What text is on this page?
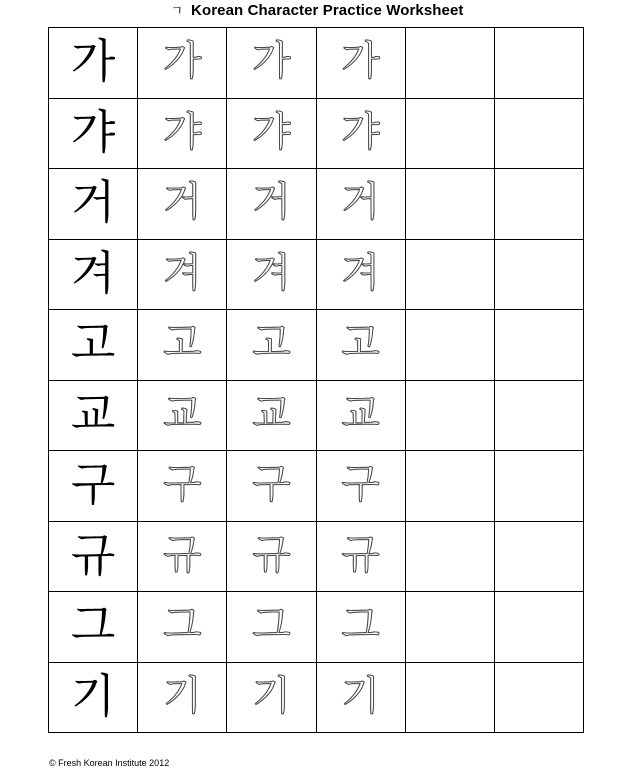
ㄱ Korean Character Practice Worksheet
가 가 가 가
갸 갸 갸 갸
거 거 거 거
겨 겨 겨 겨
고 고 고 고
교 교 교 교
구 구 구 구
규 규 규 규
그 그 그 그
기 기 기 기
© Fresh Korean Institute 2012
